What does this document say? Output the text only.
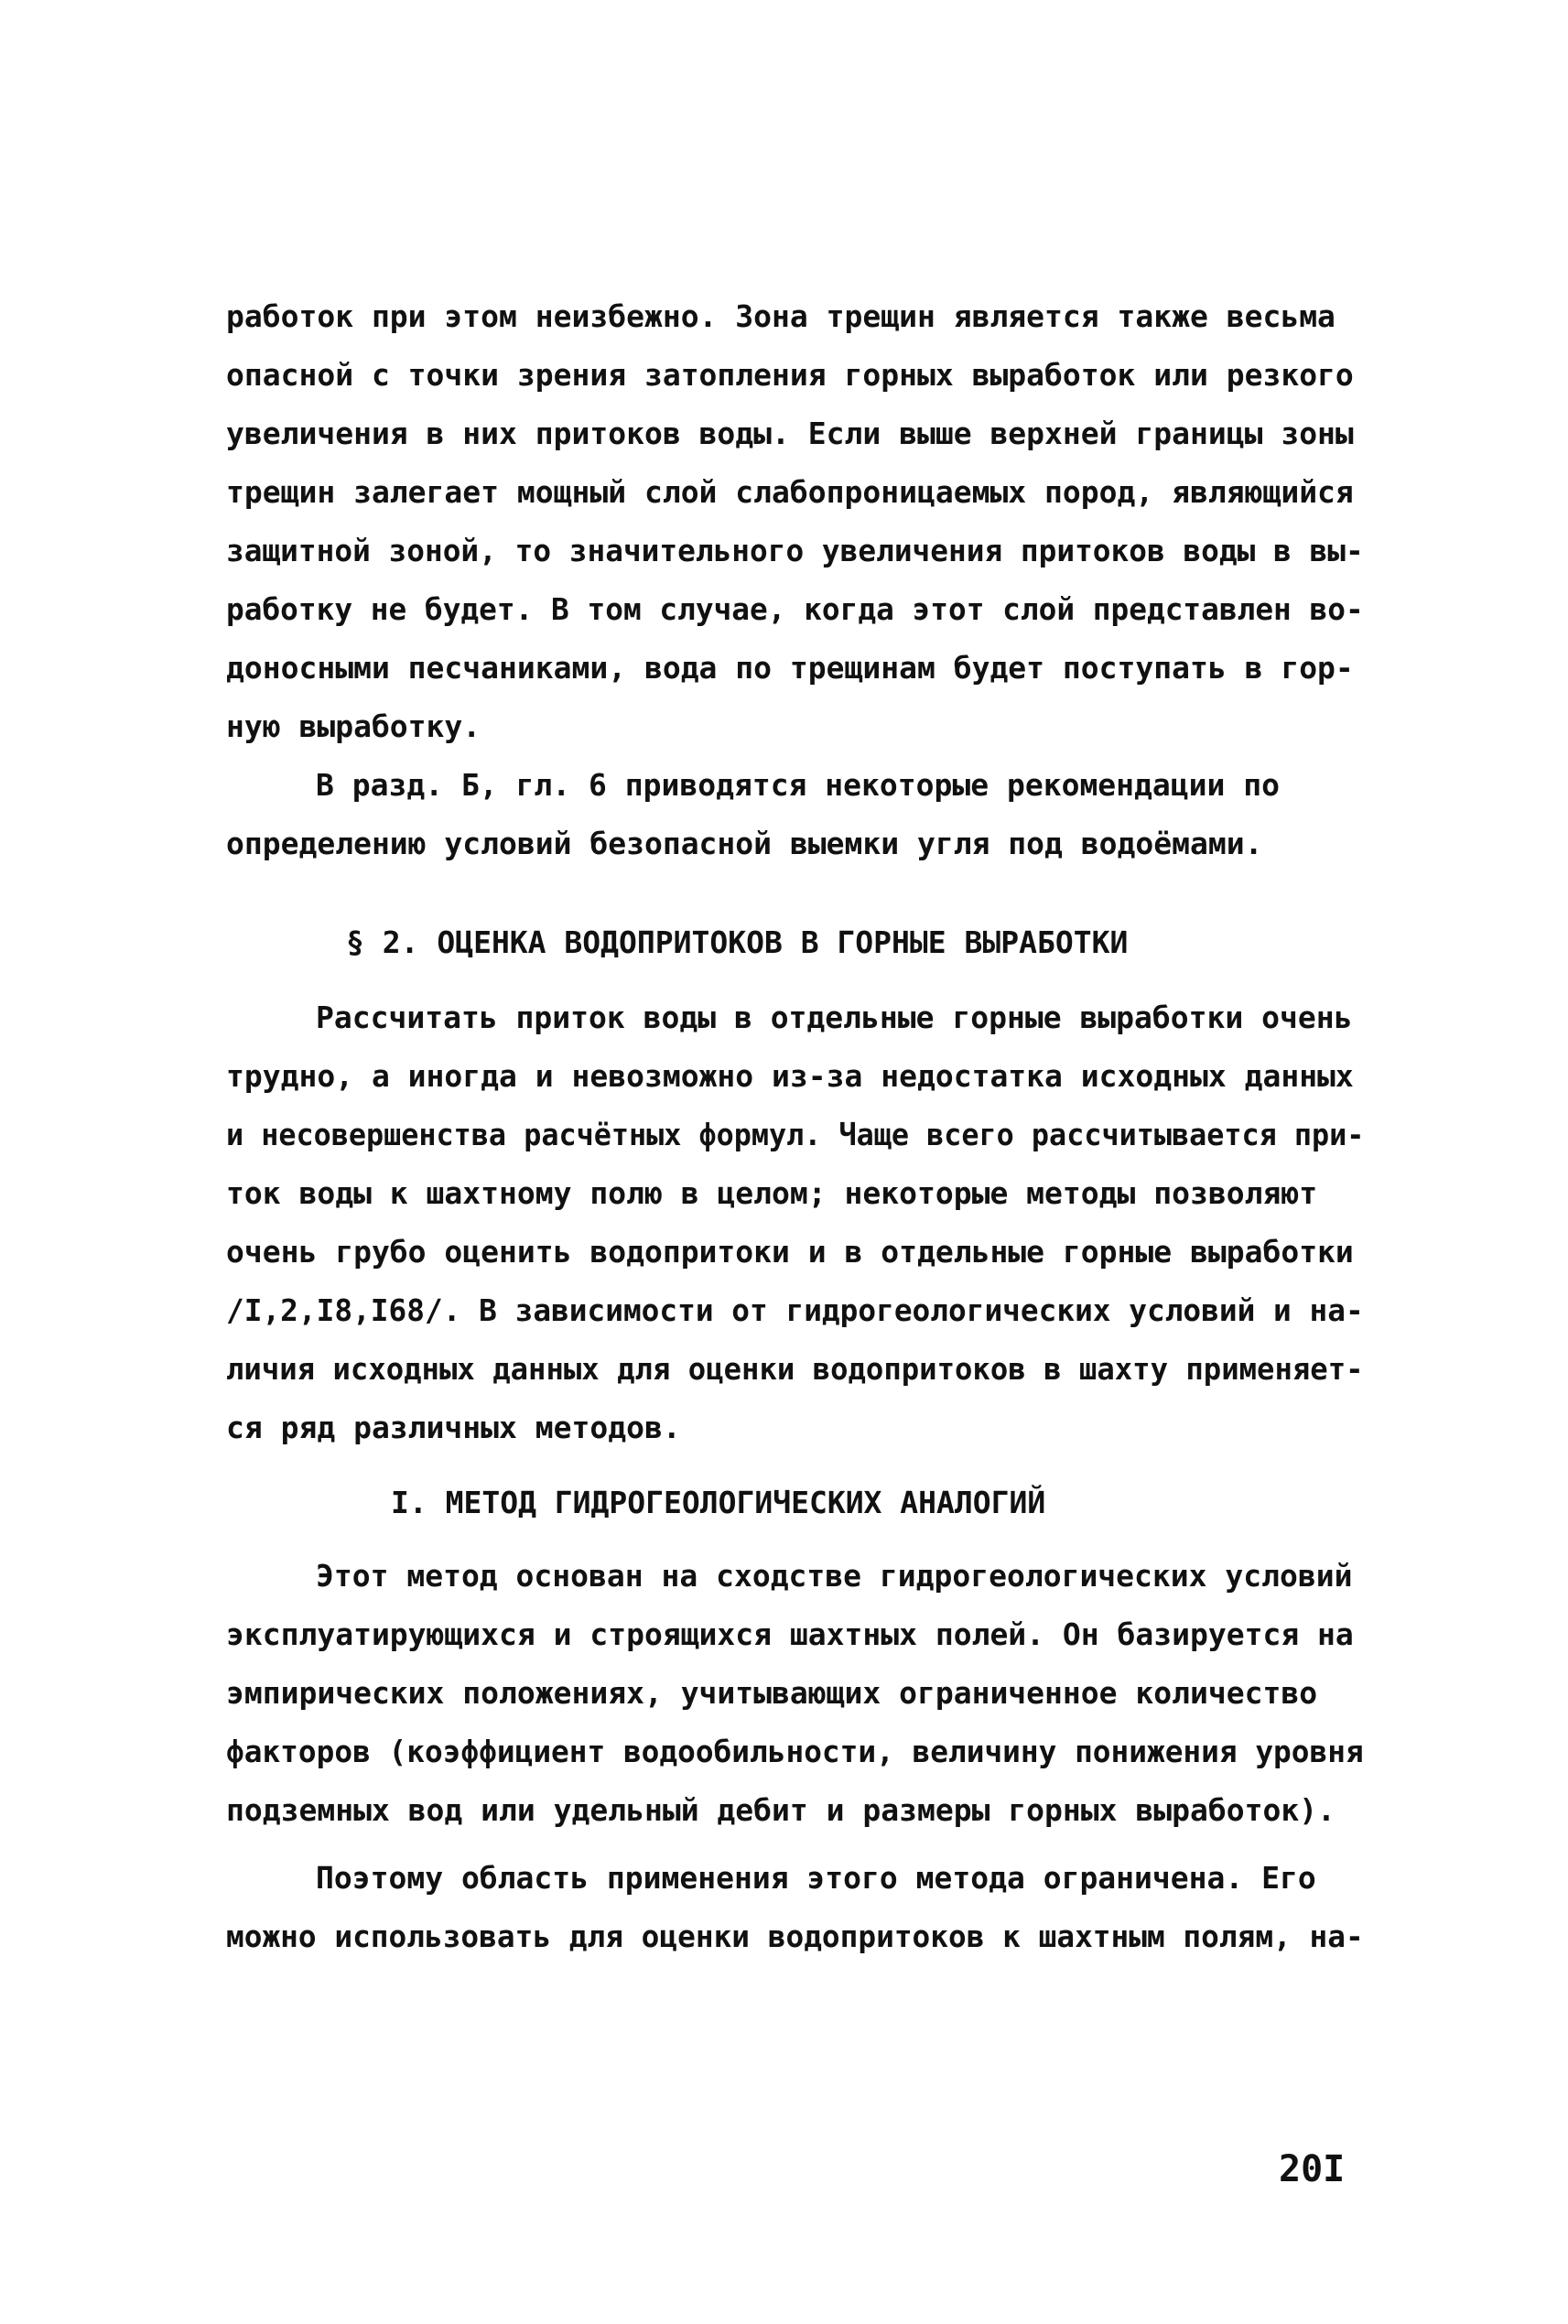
работок при этом неизбежно. Зона трещин является также весьма
опасной с точки зрения затопления горных выработок или резкого
увеличения в них притоков воды. Если выше верхней границы зоны
трещин залегает мощный слой слабопроницаемых пород, являющийся
защитной зоной, то значительного увеличения притоков воды в вы-
работку не будет. В том случае, когда этот слой представлен во-
доносными песчаниками, вода по трещинам будет поступать в гор-
ную выработку.
В разд. Б, гл. 6 приводятся некоторые рекомендации по
определению условий безопасной выемки угля под водоёмами.
§ 2. ОЦЕНКА ВОДОПРИТОКОВ В ГОРНЫЕ ВЫРАБОТКИ
Рассчитать приток воды в отдельные горные выработки очень
трудно, а иногда и невозможно из-за недостатка исходных данных
и несовершенства расчётных формул. Чаще всего рассчитывается при-
ток воды к шахтному полю в целом; некоторые методы позволяют
очень грубо оценить водопритоки и в отдельные горные выработки
/I,2,I8,I68/. В зависимости от гидрогеологических условий и на-
личия исходных данных для оценки водопритоков в шахту применяет-
ся ряд различных методов.
I. МЕТОД ГИДРОГЕОЛОГИЧЕСКИХ АНАЛОГИЙ
20I
Этот метод основан на сходстве гидрогеологических условий
эксплуатирующихся и строящихся шахтных полей. Он базируется на
эмпирических положениях, учитывающих ограниченное количество
факторов (коэффициент водообильности, величину понижения уровня
подземных вод или удельный дебит и размеры горных выработок).
Поэтому область применения этого метода ограничена. Его
можно использовать для оценки водопритоков к шахтным полям, на-
